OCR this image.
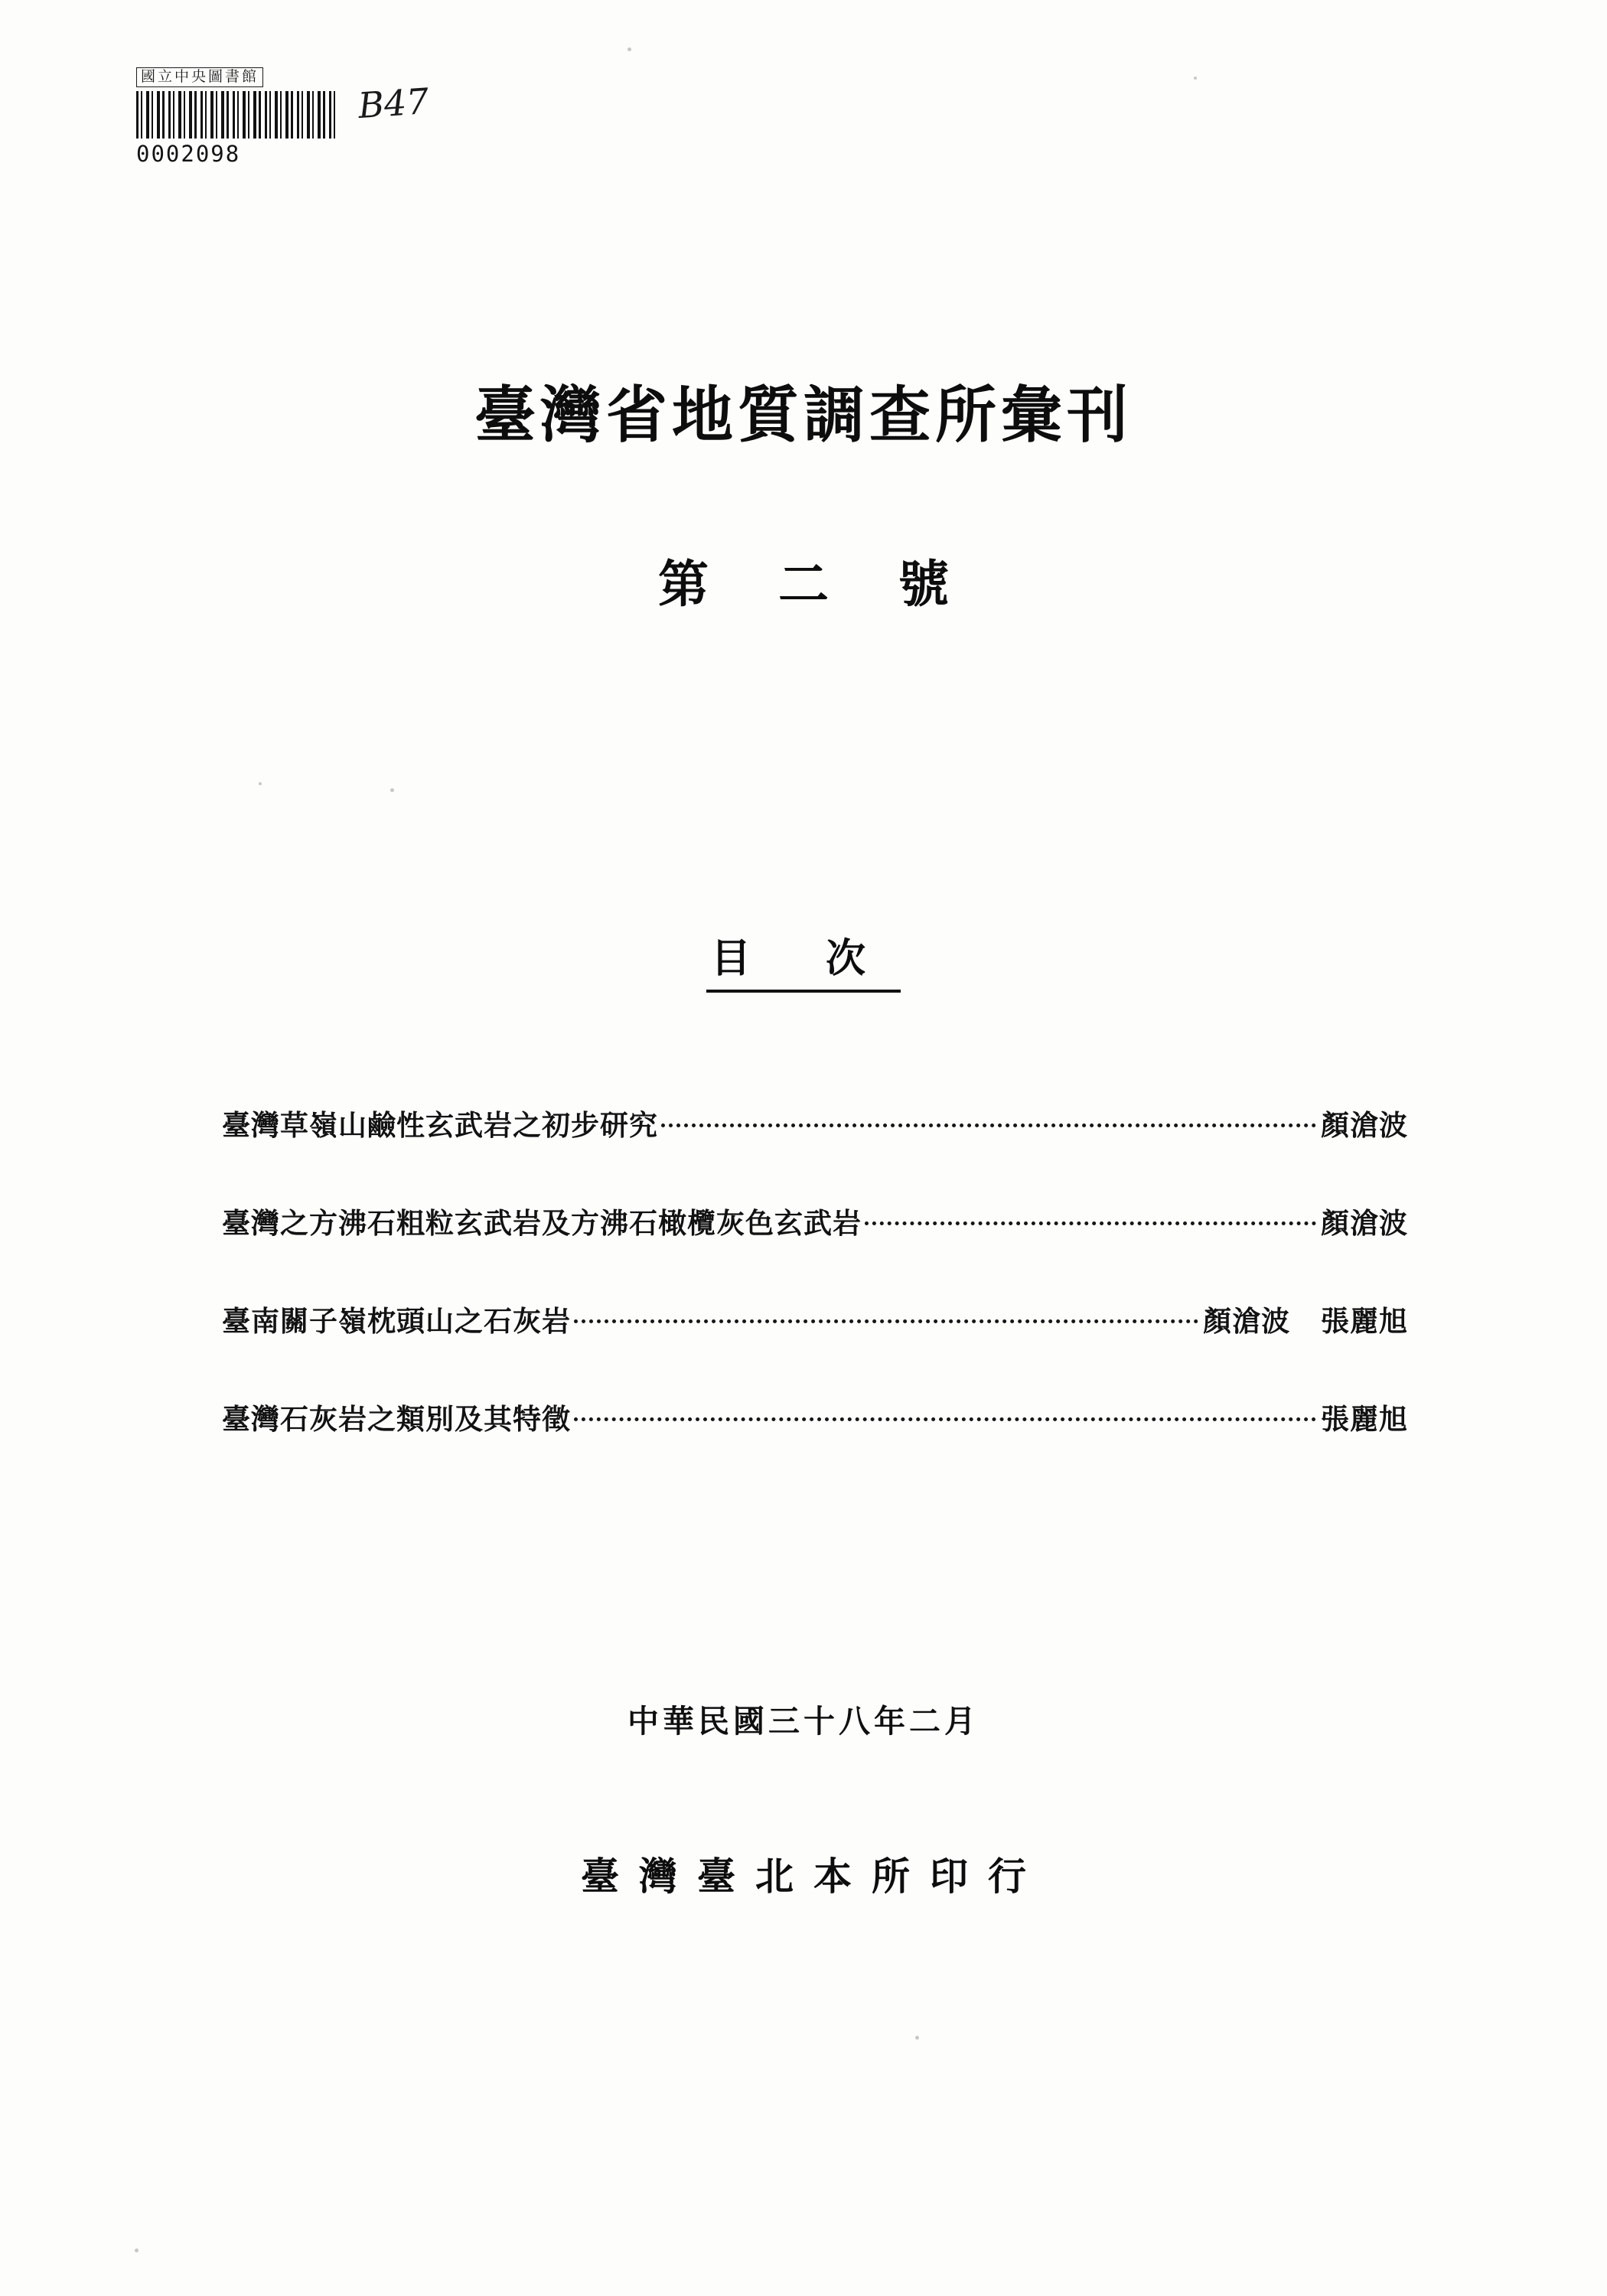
國立中央圖書館
0002098
B47
臺灣省地質調查所彙刊
第 二 號
目 次
臺灣草嶺山鹼性玄武岩之初步研究	顏滄波
臺灣之方沸石粗粒玄武岩及方沸石橄欖灰色玄武岩	顏滄波
臺南關子嶺枕頭山之石灰岩	顏滄波 張麗旭
臺灣石灰岩之類別及其特徵	張麗旭
中華民國三十八年二月
臺灣臺北本所印行
